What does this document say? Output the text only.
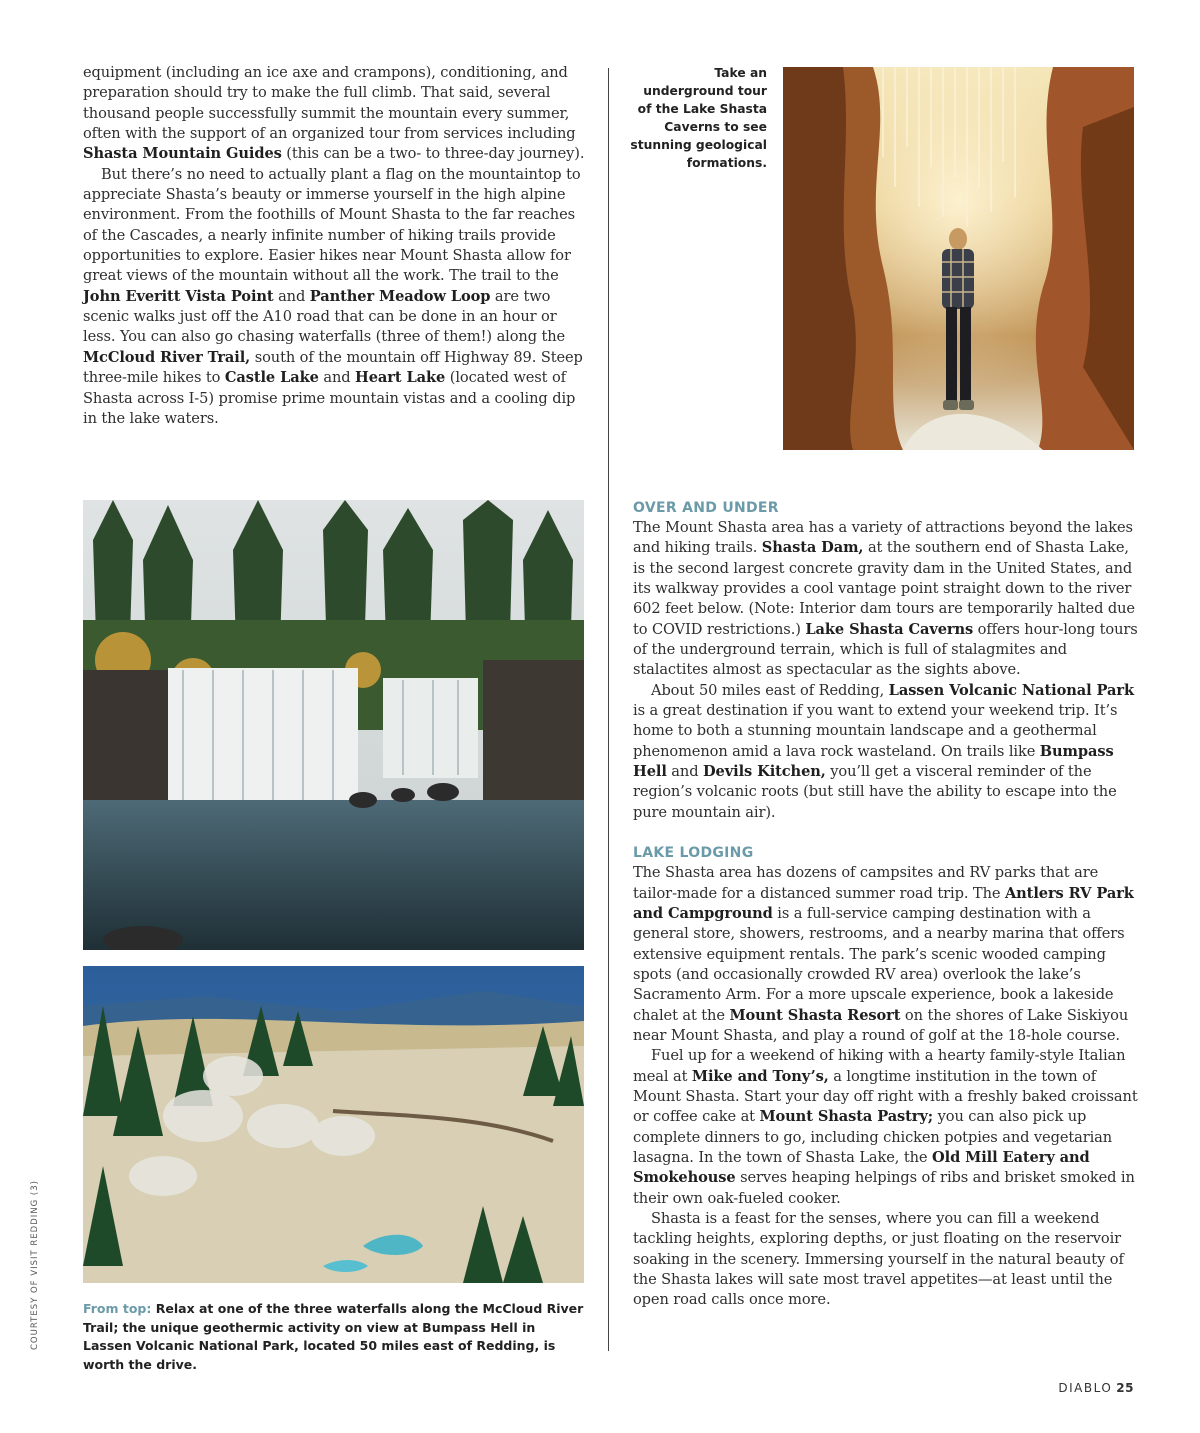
equipment (including an ice axe and crampons), conditioning, and preparation should try to make the full climb. That said, several thousand people successfully summit the mountain every summer, often with the support of an organized tour from services including Shasta Mountain Guides (this can be a two- to three-day journey).

But there’s no need to actually plant a flag on the mountaintop to appreciate Shasta’s beauty or immerse yourself in the high alpine environment. From the foothills of Mount Shasta to the far reaches of the Cascades, a nearly infinite number of hiking trails provide opportunities to explore. Easier hikes near Mount Shasta allow for great views of the mountain without all the work. The trail to the John Everitt Vista Point and Panther Meadow Loop are two scenic walks just off the A10 road that can be done in an hour or less. You can also go chasing waterfalls (three of them!) along the McCloud River Trail, south of the mountain off Highway 89. Steep three-mile hikes to Castle Lake and Heart Lake (located west of Shasta across I-5) promise prime mountain vistas and a cooling dip in the lake waters.

Take an underground tour of the Lake Shasta Caverns to see stunning geological formations.
From top: Relax at one of the three waterfalls along the McCloud River Trail; the unique geothermic activity on view at Bumpass Hell in Lassen Volcanic National Park, located 50 miles east of Redding, is worth the drive.
OVER AND UNDER

The Mount Shasta area has a variety of attractions beyond the lakes and hiking trails. Shasta Dam, at the southern end of Shasta Lake, is the second largest concrete gravity dam in the United States, and its walkway provides a cool vantage point straight down to the river 602 feet below. (Note: Interior dam tours are temporarily halted due to COVID restrictions.) Lake Shasta Caverns offers hour-long tours of the underground terrain, which is full of stalagmites and stalactites almost as spectacular as the sights above.

About 50 miles east of Redding, Lassen Volcanic National Park is a great destination if you want to extend your weekend trip. It’s home to both a stunning mountain landscape and a geothermal phenomenon amid a lava rock wasteland. On trails like Bumpass Hell and Devils Kitchen, you’ll get a visceral reminder of the region’s volcanic roots (but still have the ability to escape into the pure mountain air).

LAKE LODGING

The Shasta area has dozens of campsites and RV parks that are tailor-made for a distanced summer road trip. The Antlers RV Park and Campground is a full-service camping destination with a general store, showers, restrooms, and a nearby marina that offers extensive equipment rentals. The park’s scenic wooded camping spots (and occasionally crowded RV area) overlook the lake’s Sacramento Arm. For a more upscale experience, book a lakeside chalet at the Mount Shasta Resort on the shores of Lake Siskiyou near Mount Shasta, and play a round of golf at the 18-hole course.

Fuel up for a weekend of hiking with a hearty family-style Italian meal at Mike and Tony’s, a longtime institution in the town of Mount Shasta. Start your day off right with a freshly baked croissant or coffee cake at Mount Shasta Pastry; you can also pick up complete dinners to go, including chicken potpies and vegetarian lasagna. In the town of Shasta Lake, the Old Mill Eatery and Smokehouse serves heaping helpings of ribs and brisket smoked in their own oak-fueled cooker.

Shasta is a feast for the senses, where you can fill a weekend tackling heights, exploring depths, or just floating on the reservoir soaking in the scenery. Immersing yourself in the natural beauty of the Shasta lakes will sate most travel appetites—at least until the open road calls once more.

COURTESY OF VISIT REDDING (3)
DIABLO 25
